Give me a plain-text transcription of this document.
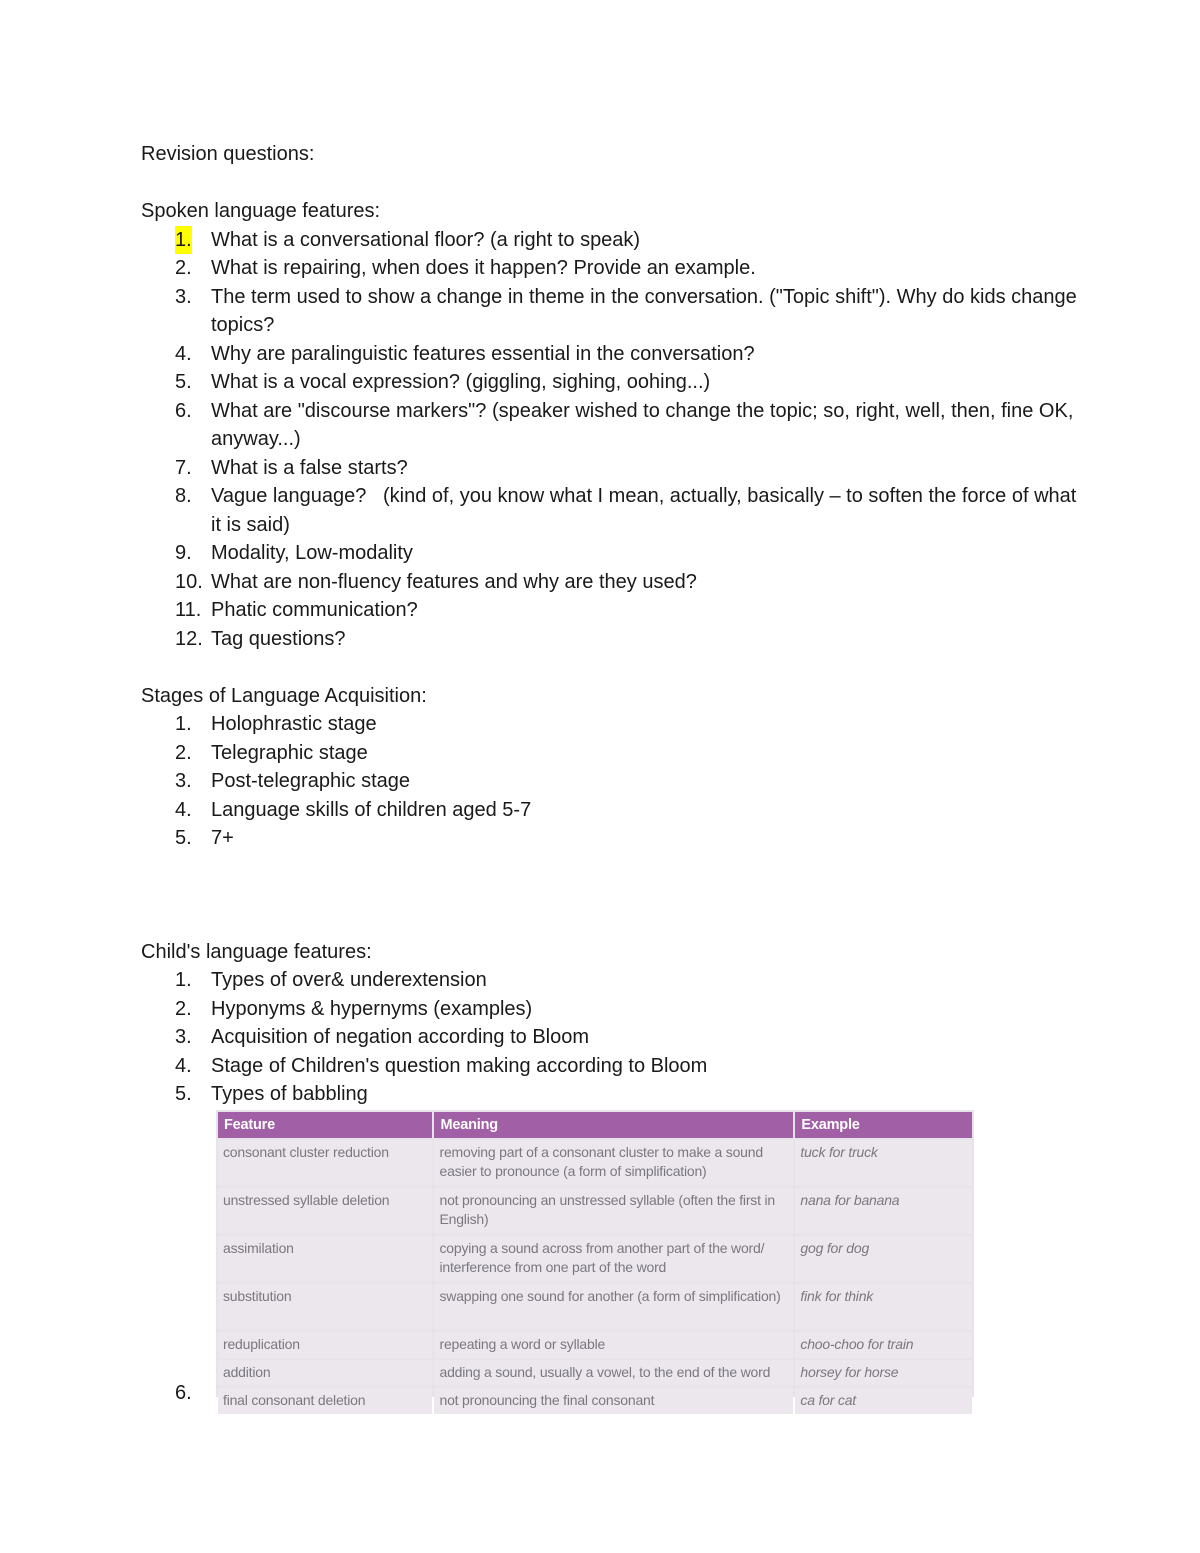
Revision questions:
Spoken language features:
1. What is a conversational floor? (a right to speak)
2. What is repairing, when does it happen? Provide an example.
3. The term used to show a change in theme in the conversation. ("Topic shift"). Why do kids change topics?
4. Why are paralinguistic features essential in the conversation?
5. What is a vocal expression? (giggling, sighing, oohing...)
6. What are "discourse markers"? (speaker wished to change the topic; so, right, well, then, fine OK, anyway...)
7. What is a false starts?
8. Vague language?   (kind of, you know what I mean, actually, basically – to soften the force of what it is said)
9. Modality, Low-modality
10. What are non-fluency features and why are they used?
11. Phatic communication?
12. Tag questions?
Stages of Language Acquisition:
1. Holophrastic stage
2. Telegraphic stage
3. Post-telegraphic stage
4. Language skills of children aged 5-7
5. 7+
Child's language features:
1. Types of over& underextension
2. Hyponyms & hypernyms (examples)
3. Acquisition of negation according to Bloom
4. Stage of Children's question making according to Bloom
5. Types of babbling
Feature	Meaning	Example
consonant cluster reduction	removing part of a consonant cluster to make a sound easier to pronounce (a form of simplification)	tuck for truck
unstressed syllable deletion	not pronouncing an unstressed syllable (often the first in English)	nana for banana
assimilation	copying a sound across from another part of the word/ interference from one part of the word	gog for dog
substitution	swapping one sound for another (a form of simplification)	fink for think
reduplication	repeating a word or syllable	choo-choo for train
addition	adding a sound, usually a vowel, to the end of the word	horsey for horse
final consonant deletion	not pronouncing the final consonant	ca for cat
6.
